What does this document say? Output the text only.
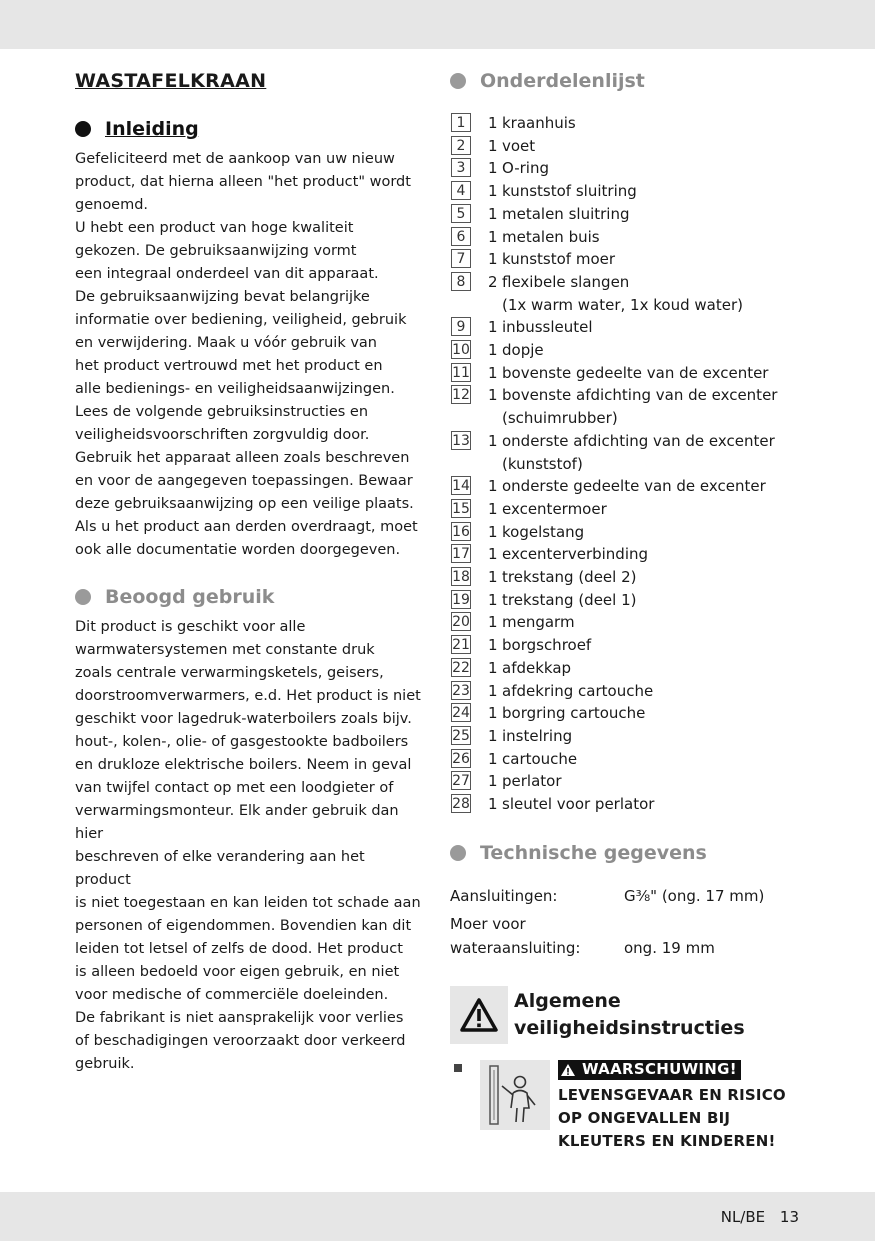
WASTAFELKRAAN
Inleiding

Gefeliciteerd met de aankoop van uw nieuw
product, dat hierna alleen "het product" wordt
genoemd.
U hebt een product van hoge kwaliteit
gekozen. De gebruiksaanwijzing vormt
een integraal onderdeel van dit apparaat.
De gebruiksaanwijzing bevat belangrijke
informatie over bediening, veiligheid, gebruik
en verwijdering. Maak u vóór gebruik van
het product vertrouwd met het product en
alle bedienings- en veiligheidsaanwijzingen.
Lees de volgende gebruiksinstructies en
veiligheidsvoorschriften zorgvuldig door.
Gebruik het apparaat alleen zoals beschreven
en voor de aangegeven toepassingen. Bewaar
deze gebruiksaanwijzing op een veilige plaats.
Als u het product aan derden overdraagt, moet
ook alle documentatie worden doorgegeven.

Beoogd gebruik

Dit product is geschikt voor alle
warmwatersystemen met constante druk
zoals centrale verwarmingsketels, geisers,
doorstroomverwarmers, e.d. Het product is niet
geschikt voor lagedruk-waterboilers zoals bijv.
hout-, kolen-, olie- of gasgestookte badboilers
en drukloze elektrische boilers. Neem in geval
van twijfel contact op met een loodgieter of
verwarmingsmonteur. Elk ander gebruik dan hier
beschreven of elke verandering aan het product
is niet toegestaan en kan leiden tot schade aan
personen of eigendommen. Bovendien kan dit
leiden tot letsel of zelfs de dood. Het product
is alleen bedoeld voor eigen gebruik, en niet
voor medische of commerciële doeleinden.
De fabrikant is niet aansprakelijk voor verlies
of beschadigingen veroorzaakt door verkeerd
gebruik.

Onderdelenlijst
1	1 kraanhuis
2	1 voet
3	1 O-ring
4	1 kunststof sluitring
5	1 metalen sluitring
6	1 metalen buis
7	1 kunststof moer
8	2 flexibele slangen
(1x warm water, 1x koud water)
9	1 inbussleutel
10 1 dopje
11 1 bovenste gedeelte van de excenter
12 1 bovenste afdichting van de excenter
(schuimrubber)
13 1 onderste afdichting van de excenter
(kunststof)
14 1 onderste gedeelte van de excenter
15 1 excentermoer
16 1 kogelstang
17 1 excenterverbinding
18 1 trekstang (deel 2)
19 1 trekstang (deel 1)
20 1 mengarm
21 1 borgschroef
22 1 afdekkap
23 1 afdekring cartouche
24 1 borgring cartouche
25 1 instelring
26 1 cartouche
27 1 perlator
28 1 sleutel voor perlator
Technische gegevens
Aansluitingen:	G⅜" (ong. 17 mm)
Moer voor
wateraansluiting:	ong. 19 mm
Algemene
veiligheidsinstructies
WAARSCHUWING!
LEVENSGEVAAR EN RISICO
OP ONGEVALLEN BIJ
KLEUTERS EN KINDEREN!
NL/BE 13
